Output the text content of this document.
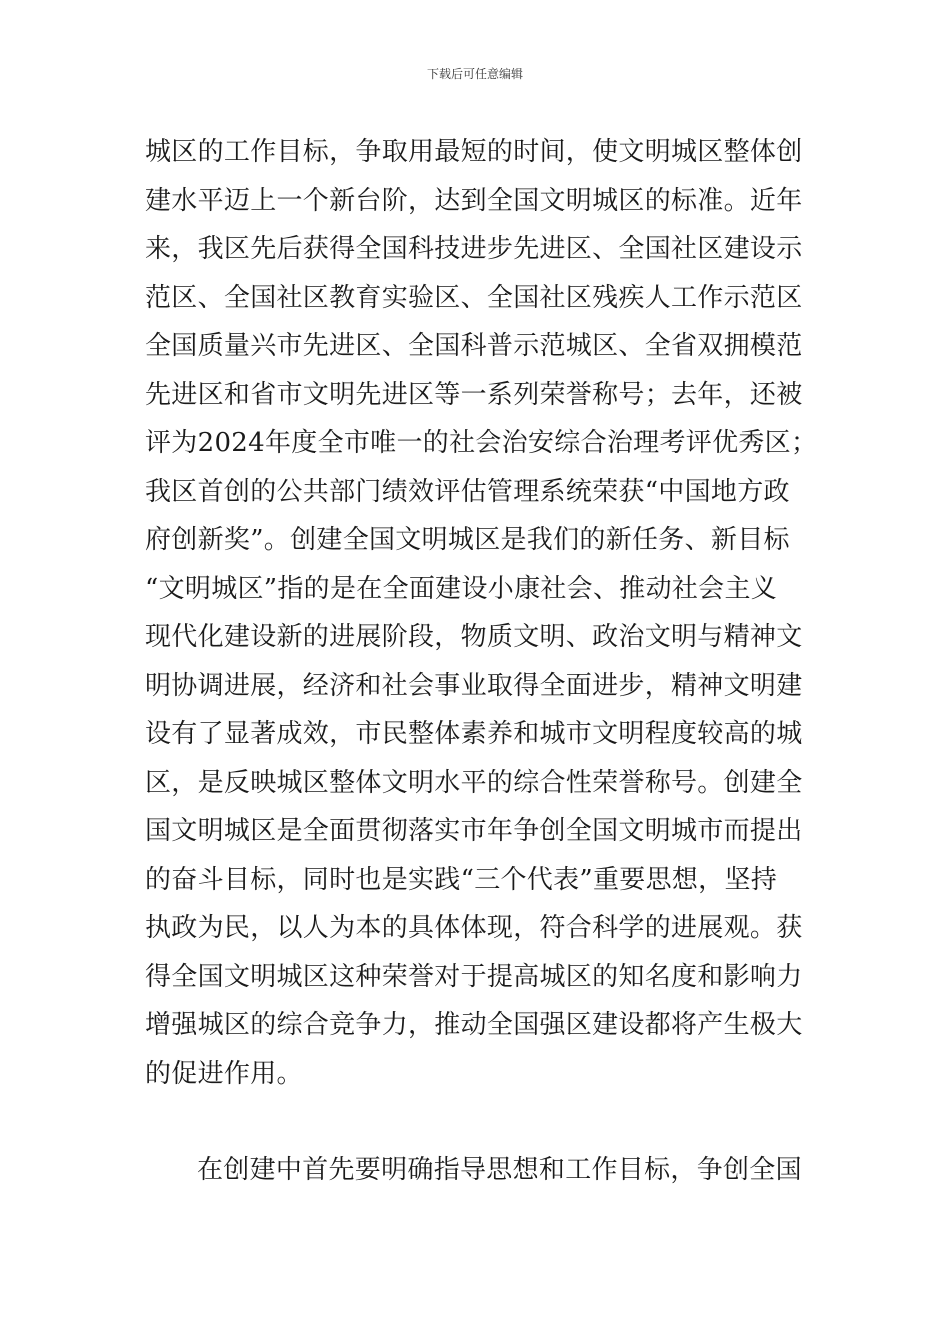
下载后可任意编辑
城区的工作目标，争取用最短的时间，使文明城区整体创
建水平迈上一个新台阶，达到全国文明城区的标准。近年
来，我区先后获得全国科技进步先进区、全国社区建设示
范区、全国社区教育实验区、全国社区残疾人工作示范区
全国质量兴市先进区、全国科普示范城区、全省双拥模范
先进区和省市文明先进区等一系列荣誉称号；去年，还被
评为2024年度全市唯一的社会治安综合治理考评优秀区；
我区首创的公共部门绩效评估管理系统荣获“中国地方政
府创新奖”。创建全国文明城区是我们的新任务、新目标
“文明城区”指的是在全面建设小康社会、推动社会主义
现代化建设新的进展阶段，物质文明、政治文明与精神文
明协调进展，经济和社会事业取得全面进步，精神文明建
设有了显著成效，市民整体素养和城市文明程度较高的城
区，是反映城区整体文明水平的综合性荣誉称号。创建全
国文明城区是全面贯彻落实市年争创全国文明城市而提出
的奋斗目标，同时也是实践“三个代表”重要思想，坚持
执政为民，以人为本的具体体现，符合科学的进展观。获
得全国文明城区这种荣誉对于提高城区的知名度和影响力
增强城区的综合竞争力，推动全国强区建设都将产生极大
的促进作用。
在创建中首先要明确指导思想和工作目标，争创全国
